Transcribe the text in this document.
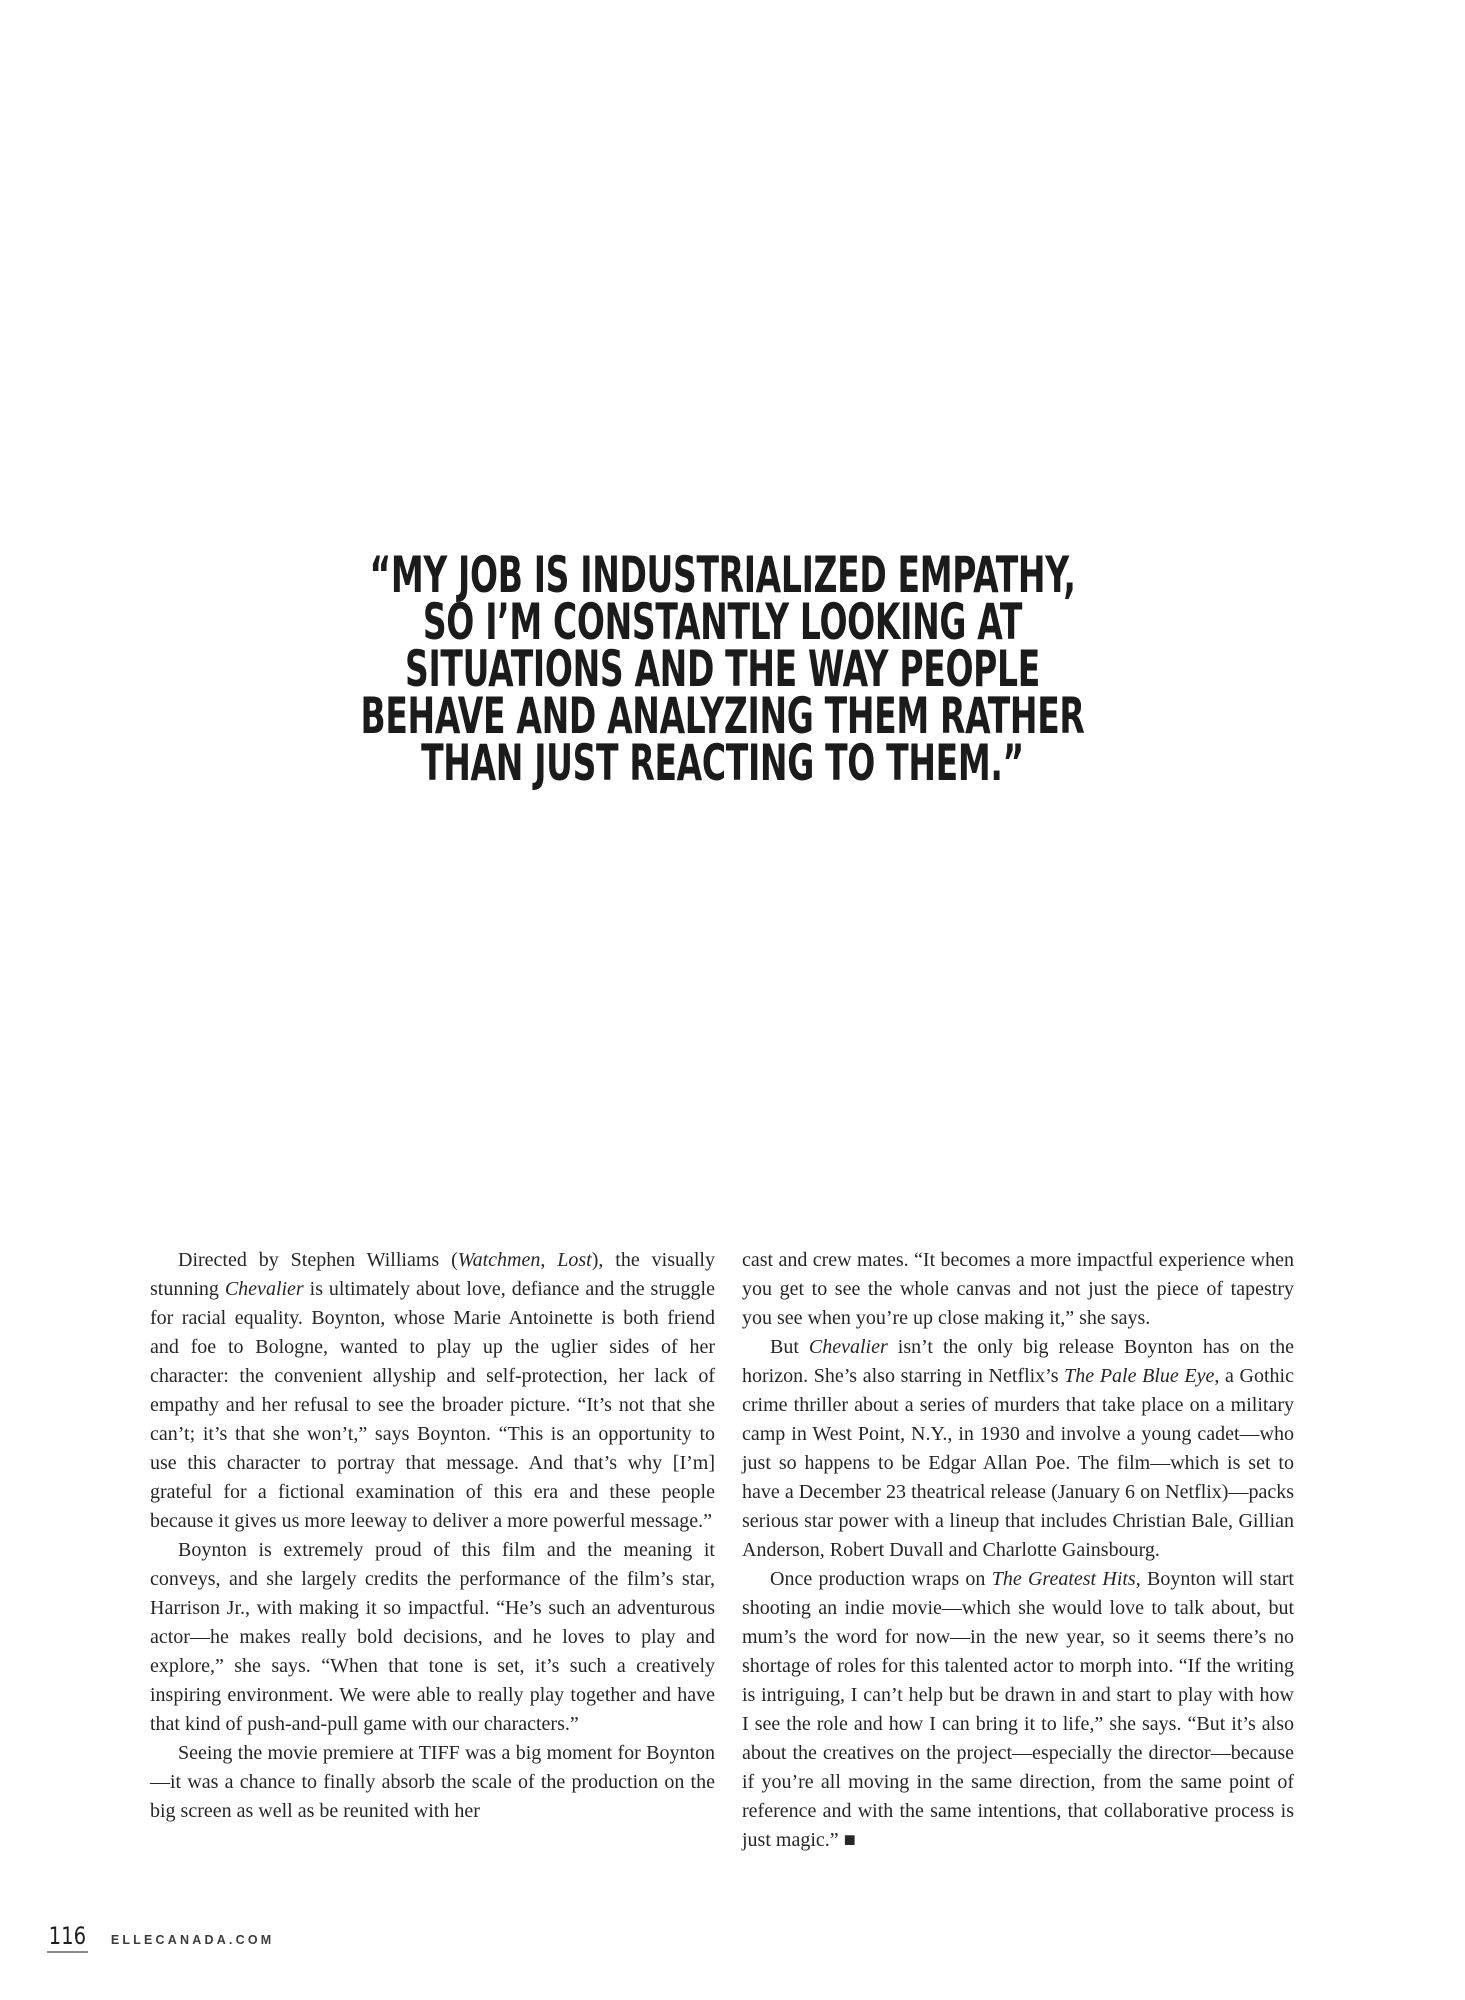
“MY JOB IS INDUSTRIALIZED EMPATHY,
SO I’M CONSTANTLY LOOKING AT
SITUATIONS AND THE WAY PEOPLE
BEHAVE AND ANALYZING THEM RATHER
THAN JUST REACTING TO THEM.”

Directed by Stephen Williams (Watchmen, Lost), the visually stunning Chevalier is ultimately about love, defiance and the struggle for racial equality. Boynton, whose Marie Antoinette is both friend and foe to Bologne, wanted to play up the uglier sides of her character: the convenient allyship and self-protection, her lack of empathy and her refusal to see the broader picture. “It’s not that she can’t; it’s that she won’t,” says Boynton. “This is an opportunity to use this character to portray that message. And that’s why [I’m] grateful for a fictional examination of this era and these people because it gives us more leeway to deliver a more powerful message.”

Boynton is extremely proud of this film and the meaning it conveys, and she largely credits the performance of the film’s star, Harrison Jr., with making it so impactful. “He’s such an adventurous actor—he makes really bold decisions, and he loves to play and explore,” she says. “When that tone is set, it’s such a creatively inspiring environment. We were able to really play together and have that kind of push-and-pull game with our characters.”

Seeing the movie premiere at TIFF was a big moment for Boynton—it was a chance to finally absorb the scale of the production on the big screen as well as be reunited with her

cast and crew mates. “It becomes a more impactful experience when you get to see the whole canvas and not just the piece of tapestry you see when you’re up close making it,” she says.

But Chevalier isn’t the only big release Boynton has on the horizon. She’s also starring in Netflix’s The Pale Blue Eye, a Gothic crime thriller about a series of murders that take place on a military camp in West Point, N.Y., in 1930 and involve a young cadet—who just so happens to be Edgar Allan Poe. The film—which is set to have a December 23 theatrical release (January 6 on Netflix)—packs serious star power with a lineup that includes Christian Bale, Gillian Anderson, Robert Duvall and Charlotte Gainsbourg.

Once production wraps on The Greatest Hits, Boynton will start shooting an indie movie—which she would love to talk about, but mum’s the word for now—in the new year, so it seems there’s no shortage of roles for this talented actor to morph into. “If the writing is intriguing, I can’t help but be drawn in and start to play with how I see the role and how I can bring it to life,” she says. “But it’s also about the creatives on the project—especially the director—because if you’re all moving in the same direction, from the same point of reference and with the same intentions, that collaborative process is just magic.” ■

116 ELLECANADA.COM
